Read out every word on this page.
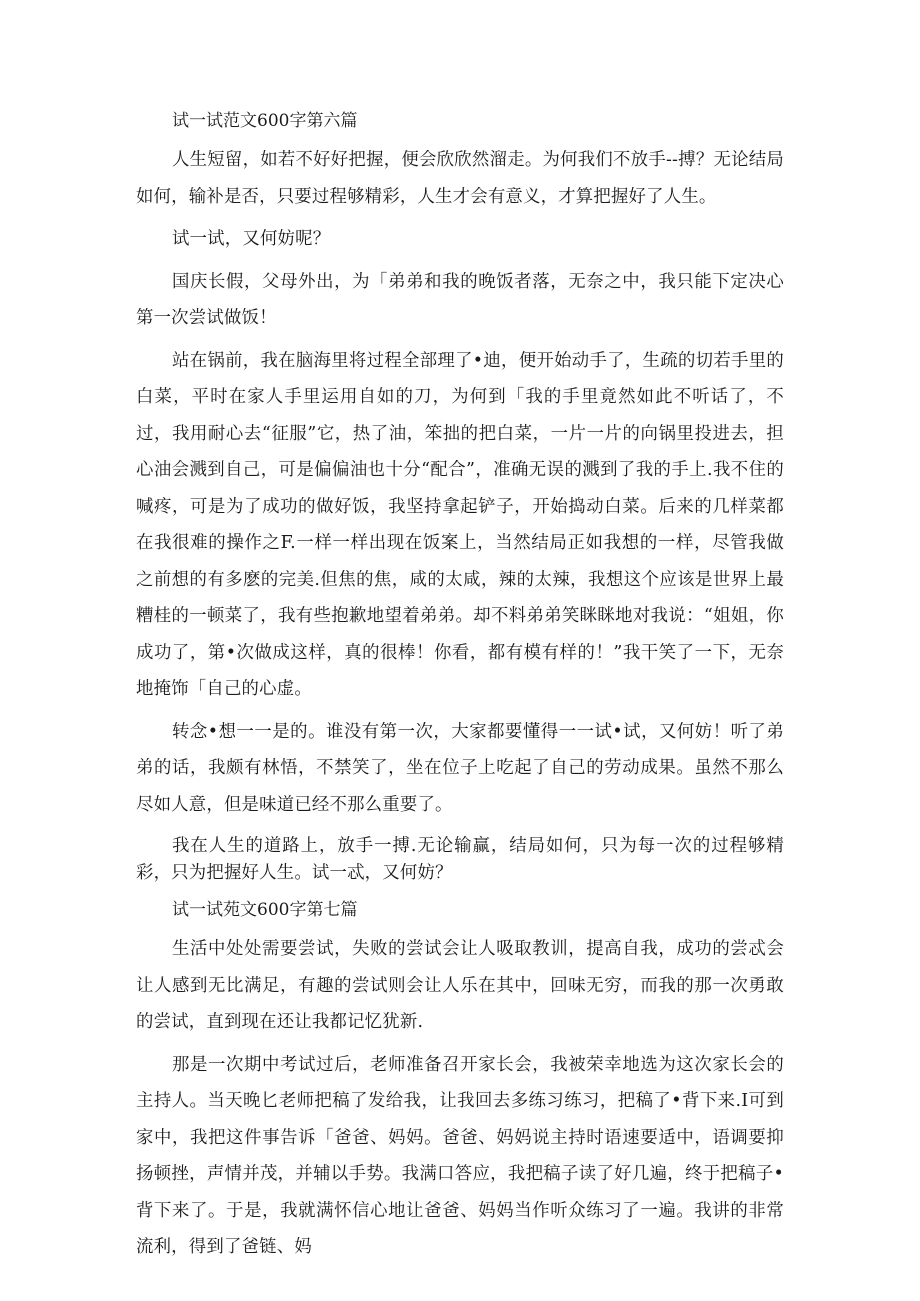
试一试范文600字第六篇

人生短留，如若不好好把握，便会欣欣然溜走。为何我们不放手--搏？无论结局如何，输补是否，只要过程够精彩，人生才会有意义，才算把握好了人生。

试一试，又何妨呢？

国庆长假，父母外出，为「弟弟和我的晚饭者落，无奈之中，我只能下定决心第一次尝试做饭！

站在锅前，我在脑海里将过程全部理了•迪，便开始动手了，生疏的切若手里的白菜，平时在家人手里运用自如的刀，为何到「我的手里竟然如此不听话了，不过，我用耐心去“征服”它，热了油，笨拙的把白菜，一片一片的向锅里投进去，担心油会溅到自己，可是偏偏油也十分“配合”，准确无误的溅到了我的手上.我不住的喊疼，可是为了成功的做好饭，我坚持拿起铲子，开始捣动白菜。后来的几样菜都在我很难的操作之F.一样一样出现在饭案上，当然结局正如我想的一样，尽管我做之前想的有多麽的完美.但焦的焦，咸的太咸，辣的太辣，我想这个应该是世界上最糟桂的一顿菜了，我有些抱歉地望着弟弟。却不料弟弟笑眯眯地对我说：“姐姐，你成功了，第•次做成这样，真的很棒！你看，都有模有样的！”我干笑了一下，无奈地掩饰「自己的心虚。

转念•想一一是的。谁没有第一次，大家都要懂得一一试•试，又何妨！听了弟弟的话，我颇有林悟，不禁笑了，坐在位子上吃起了自己的劳动成果。虽然不那么尽如人意，但是味道已经不那么重要了。

我在人生的道路上，放手一搏.无论输赢，结局如何，只为每一次的过程够精彩，只为把握好人生。试一忒，又何妨？

试一试苑文600字第七篇

生活中处处需要尝试，失败的尝试会让人吸取教训，提高自我，成功的尝忒会让人感到无比满足，有趣的尝试则会让人乐在其中，回味无穷，而我的那一次勇敢的尝试，直到现在还让我都记忆犹新.

那是一次期中考试过后，老师准备召开家长会，我被荣幸地选为这次家长会的主持人。当天晚匕老师把稿了发给我，让我回去多练习练习，把稿了•背下来.I可到家中，我把这件事告诉「爸爸、妈妈。爸爸、妈妈说主持时语速要适中，语调要抑扬顿挫，声情并茂，并辅以手势。我满口答应，我把稿子读了好几遍，终于把稿子•背下来了。于是，我就满怀信心地让爸爸、妈妈当作听众练习了一遍。我讲的非常流利，得到了爸链、妈
